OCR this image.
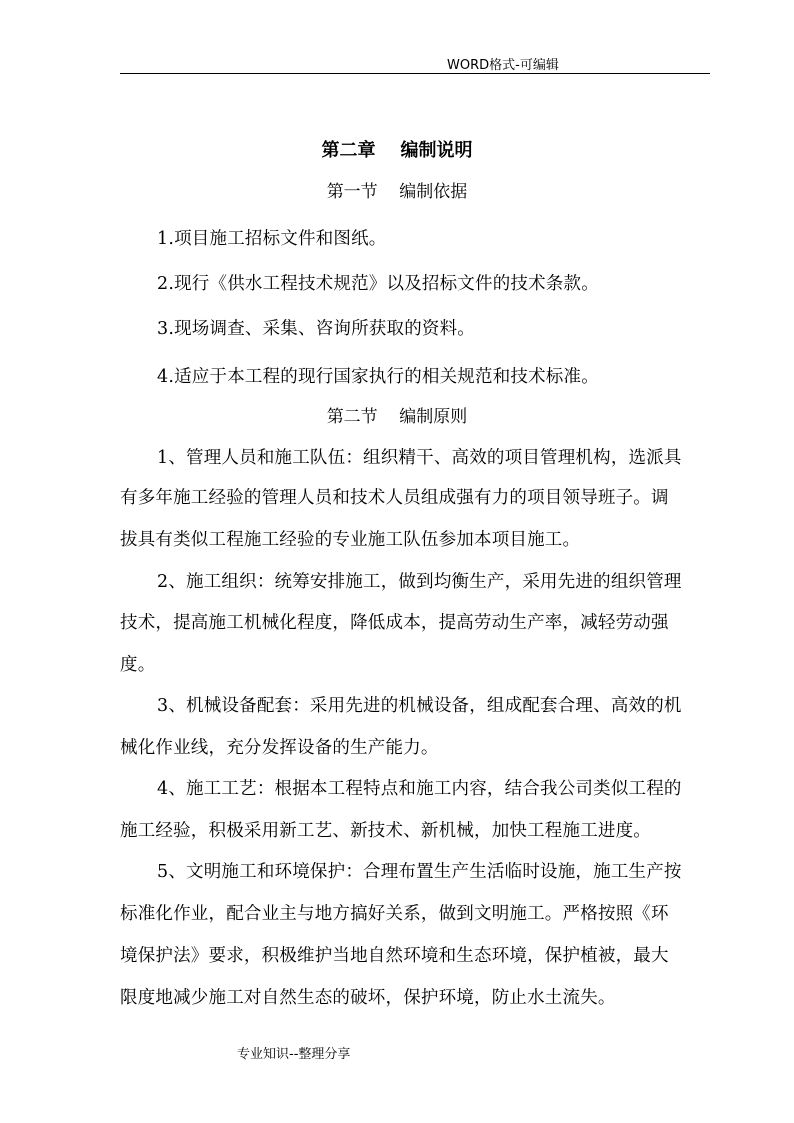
WORD格式-可编辑
第二章    编制说明
第一节    编制依据
1.项目施工招标文件和图纸。
2.现行《供水工程技术规范》以及招标文件的技术条款。
3.现场调查、采集、咨询所获取的资料。
4.适应于本工程的现行国家执行的相关规范和技术标准。
第二节    编制原则
1、管理人员和施工队伍：组织精干、高效的项目管理机构，选派具
有多年施工经验的管理人员和技术人员组成强有力的项目领导班子。调
拔具有类似工程施工经验的专业施工队伍参加本项目施工。
2、施工组织：统筹安排施工，做到均衡生产，采用先进的组织管理
技术，提高施工机械化程度，降低成本，提高劳动生产率，减轻劳动强
度。
3、机械设备配套：采用先进的机械设备，组成配套合理、高效的机
械化作业线，充分发挥设备的生产能力。
4、施工工艺：根据本工程特点和施工内容，结合我公司类似工程的
施工经验，积极采用新工艺、新技术、新机械，加快工程施工进度。
5、文明施工和环境保护：合理布置生产生活临时设施，施工生产按
标准化作业，配合业主与地方搞好关系，做到文明施工。严格按照《环
境保护法》要求，积极维护当地自然环境和生态环境，保护植被，最大
限度地减少施工对自然生态的破坏，保护环境，防止水土流失。
专业知识--整理分享
